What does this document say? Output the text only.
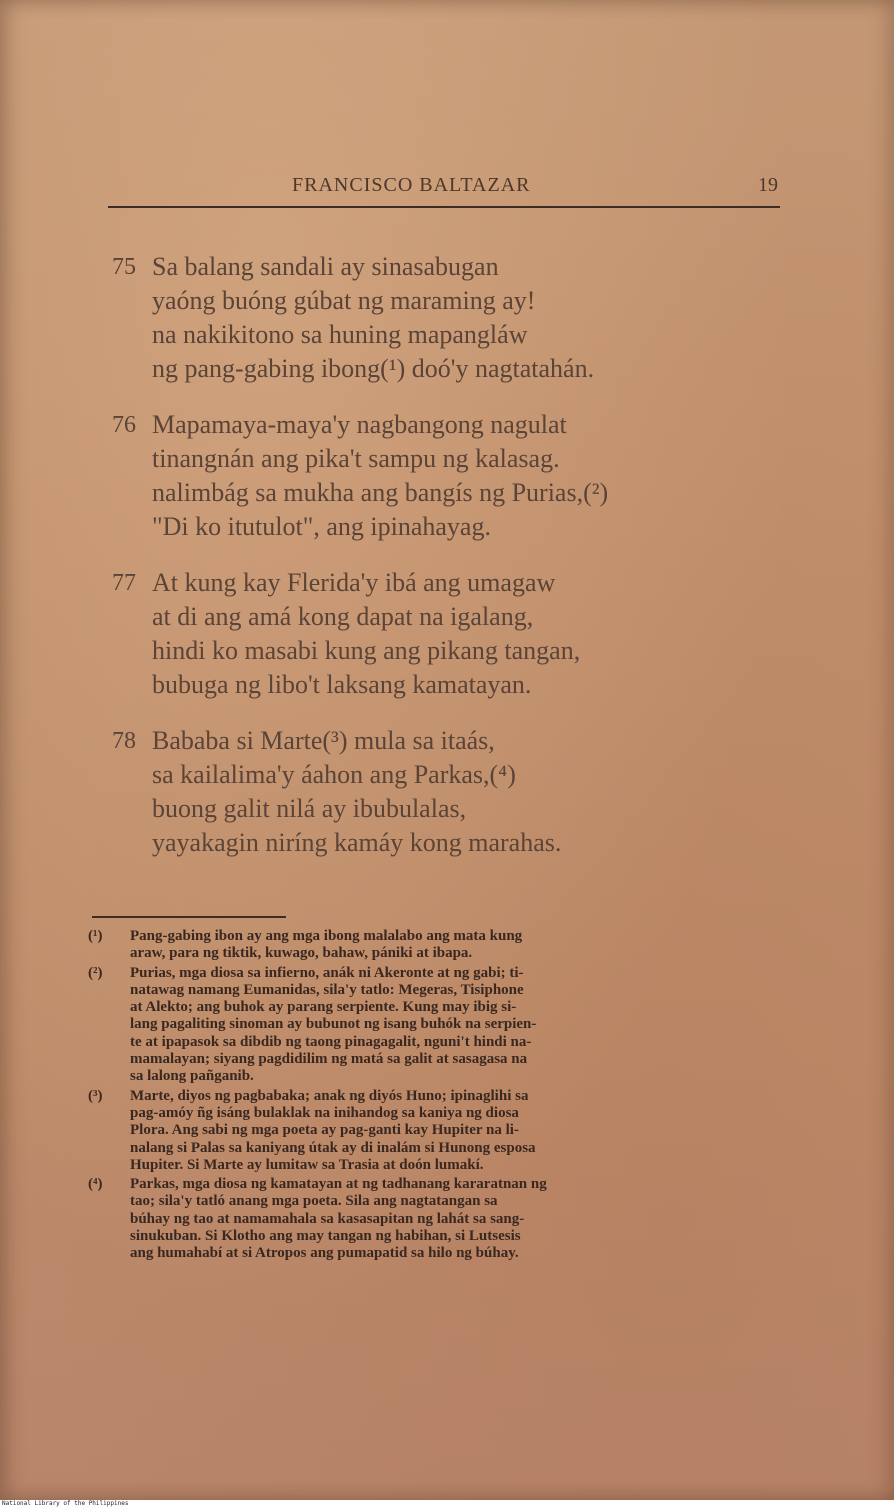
FRANCISCO BALTAZAR	19
75 Sa balang sandali ay sinasabugan
yaóng buóng gúbat ng maraming ay!
na nakikitono sa huning mapangláw
ng pang-gabing ibong(¹) doó'y nagtatahán.
76 Mapamaya-maya'y nagbangong nagulat
tinangnán ang pika't sampu ng kalasag.
nalimbág sa mukha ang bangís ng Purias,(²)
"Di ko itutulot", ang ipinahayag.
77 At kung kay Flerida'y ibá ang umagaw
at di ang amá kong dapat na igalang,
hindi ko masabi kung ang pikang tangan,
bubuga ng libo't laksang kamatayan.
78 Bababa si Marte(³) mula sa itaás,
sa kailalima'y áahon ang Parkas,(⁴)
buong galit nilá ay ibubulalas,
yayakagin niríng kamáy kong marahas.
(¹) Pang-gabing ibon ay ang mga ibong malalabo ang mata kung
araw, para ng tiktik, kuwago, bahaw, pániki at ibapa.
(²) Purias, mga diosa sa infierno, anák ni Akeronte at ng gabi; ti-
natawag namang Eumanidas, sila'y tatlo: Megeras, Tisiphone
at Alekto; ang buhok ay parang serpiente. Kung may ibig si-
lang pagaliting sinoman ay bubunot ng isang buhók na serpien-
te at ipapasok sa dibdib ng taong pinagagalit, nguni't hindi na-
mamalayan; siyang pagdidilim ng matá sa galit at sasagasa na
sa lalong pañganib.
(³) Marte, diyos ng pagbabaka; anak ng diyós Huno; ipinaglihi sa
pag-amóy ñg isáng bulaklak na inihandog sa kaniya ng diosa
Plora. Ang sabi ng mga poeta ay pag-ganti kay Hupiter na li-
nalang si Palas sa kaniyang útak ay di inalám si Hunong esposa
Hupiter. Si Marte ay lumitaw sa Trasia at doón lumakí.
(⁴) Parkas, mga diosa ng kamatayan at ng tadhanang kararatnan ng
tao; sila'y tatló anang mga poeta. Sila ang nagtatangan sa
búhay ng tao at namamahala sa kasasapitan ng lahát sa sang-
sinukuban. Si Klotho ang may tangan ng habihan, si Lutsesis
ang humahabí at si Atropos ang pumapatid sa hilo ng búhay.
National Library of the Philippines
